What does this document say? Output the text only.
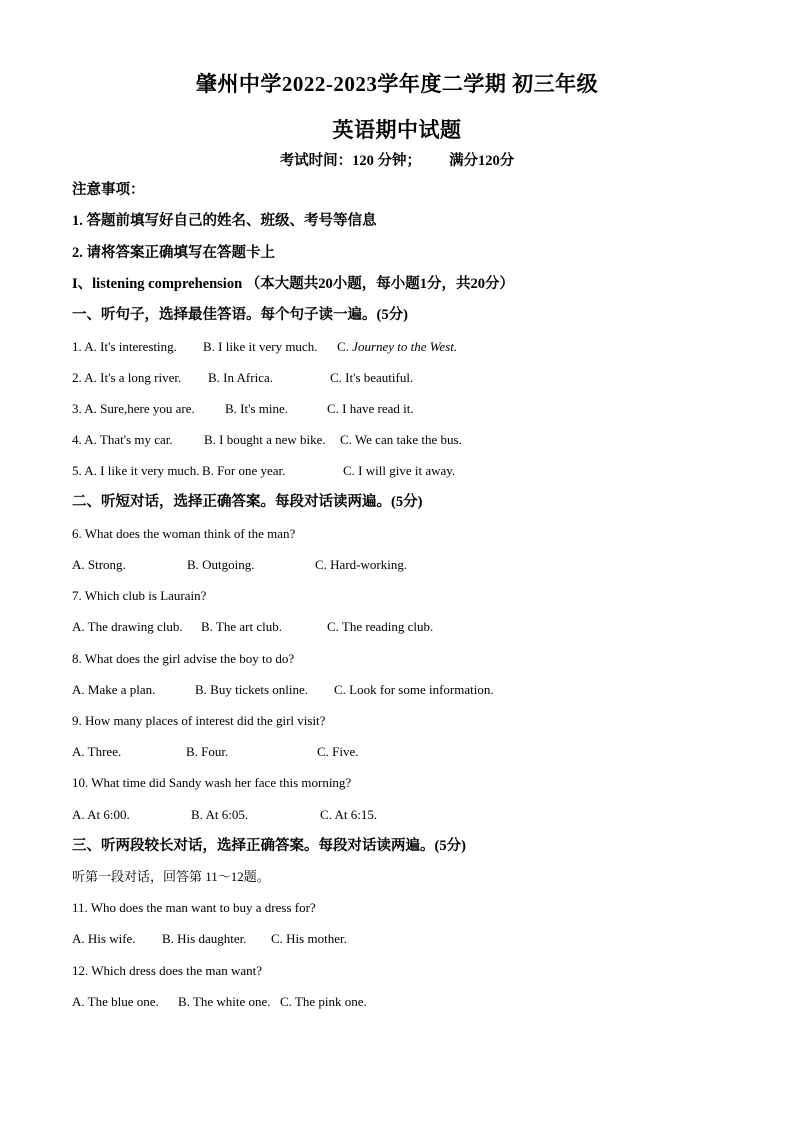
肇州中学2022-2023学年度二学期 初三年级
英语期中试题
考试时间：120 分钟； 满分120分
注意事项：
1. 答题前填写好自己的姓名、班级、考号等信息
2. 请将答案正确填写在答题卡上
I、listening comprehension （本大题共20小题，每小题1分，共20分）
一、听句子，选择最佳答语。每个句子读一遍。(5分)
1. A. It's interesting. B. I like it very much. C. Journey to the West.
2. A. It's a long river. B. In Africa.	C. It's beautiful.
3. A. Sure,here you are. B. It's mine.	C. I have read it.
4. A. That's my car. B. I bought a new bike. C. We can take the bus.
5. A. I like it very much. B. For one year.	C. I will give it away.
二、听短对话，选择正确答案。每段对话读两遍。(5分)
6. What does the woman think of the man?
A. Strong.	B. Outgoing.	C. Hard-working.
7. Which club is Laurain?
A. The drawing club. B. The art club.	C. The reading club.
8. What does the girl advise the boy to do?
A. Make a plan.	B. Buy tickets online. C. Look for some information.
9. How many places of interest did the girl visit?
A. Three.	B. Four.	C. Five.
10. What time did Sandy wash her face this morning?
A. At 6:00.	B. At 6:05.	C. At 6:15.
三、听两段较长对话，选择正确答案。每段对话读两遍。(5分)
听第一段对话，回答第 11～12题。
11. Who does the man want to buy a dress for?
A. His wife. B. His daughter. C. His mother.
12. Which dress does the man want?
A. The blue one. B. The white one. C. The pink one.
